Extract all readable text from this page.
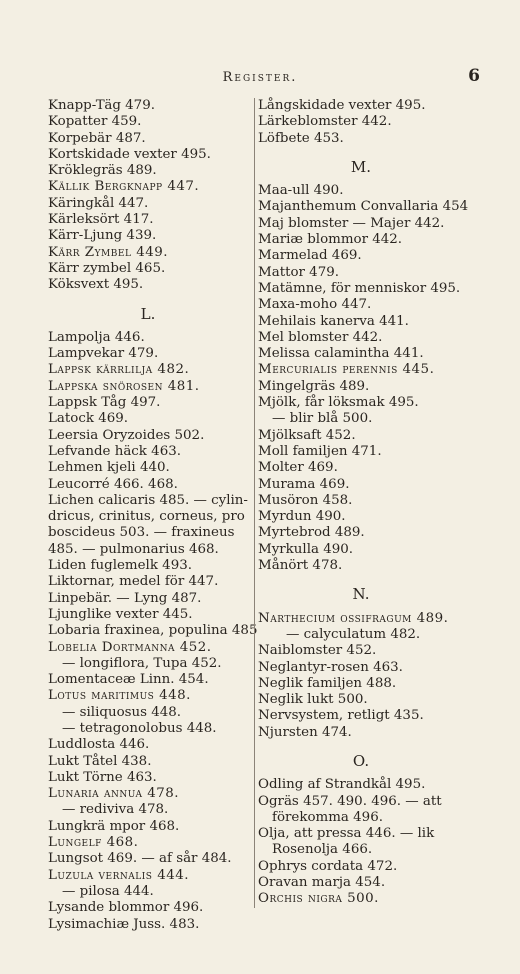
Register.	6
Knapp-Täg 479.
Kopatter 459.
Korpebär 487.
Kortskidade vexter 495.
Kröklegräs 489.
Källik Bergknapp 447.
Käringkål 447.
Kärleksört 417.
Kärr-Ljung 439.
Kärr Zymbel 449.
Kärr zymbel 465.
Köksvext 495.
L.
Lampolja 446.
Lampvekar 479.
Lappsk kärrlilja 482.
Lappska snörosen 481.
Lappsk Tåg 497.
Latock 469.
Leersia Oryzoides 502.
Lefvande häck 463.
Lehmen kjeli 440.
Leucorré 466. 468.
Lichen calicaris 485. — cylin-
dricus, crinitus, corneus, pro
boscideus 503. — fraxineus
485. — pulmonarius 468.
Liden fuglemelk 493.
Liktornar, medel för 447.
Linpebär. — Lyng 487.
Ljunglike vexter 445.
Lobaria fraxinea, populina 485
Lobelia Dortmanna 452.
— longiflora, Tupa 452.
Lomentaceæ Linn. 454.
Lotus maritimus 448.
— siliquosus 448.
— tetragonolobus 448.
Luddlosta 446.
Lukt Tåtel 438.
Lukt Törne 463.
Lunaria annua 478.
— rediviva 478.
Lungkrä mpor 468.
Lungelf 468.
Lungsot 469. — af sår 484.
Luzula vernalis 444.
— pilosa 444.
Lysande blommor 496.
Lysimachiæ Juss. 483.
Långskidade vexter 495.
Lärkeblomster 442.
Löfbete 453.
M.
Maa-ull 490.
Majanthemum Convallaria 454
Maj blomster — Majer 442.
Mariæ blommor 442.
Marmelad 469.
Mattor 479.
Matämne, för menniskor 495.
Maxa-moho 447.
Mehilais kanerva 441.
Mel blomster 442.
Melissa calamintha 441.
Mercurialis perennis 445.
Mingelgräs 489.
Mjölk, får löksmak 495.
— blir blå 500.
Mjölksaft 452.
Moll familjen 471.
Molter 469.
Murama 469.
Musöron 458.
Myrdun 490.
Myrtebrod 489.
Myrkulla 490.
Månört 478.
N.
Narthecium ossifragum 489.
— calyculatum 482.
Naiblomster 452.
Neglantyr-rosen 463.
Neglik familjen 488.
Neglik lukt 500.
Nervsystem, retligt 435.
Njursten 474.
O.
Odling af Strandkål 495.
Ogräs 457. 490. 496. — att
förekomma 496.
Olja, att pressa 446. — lik
Rosenolja 466.
Ophrys cordata 472.
Oravan marja 454.
Orchis nigra 500.
